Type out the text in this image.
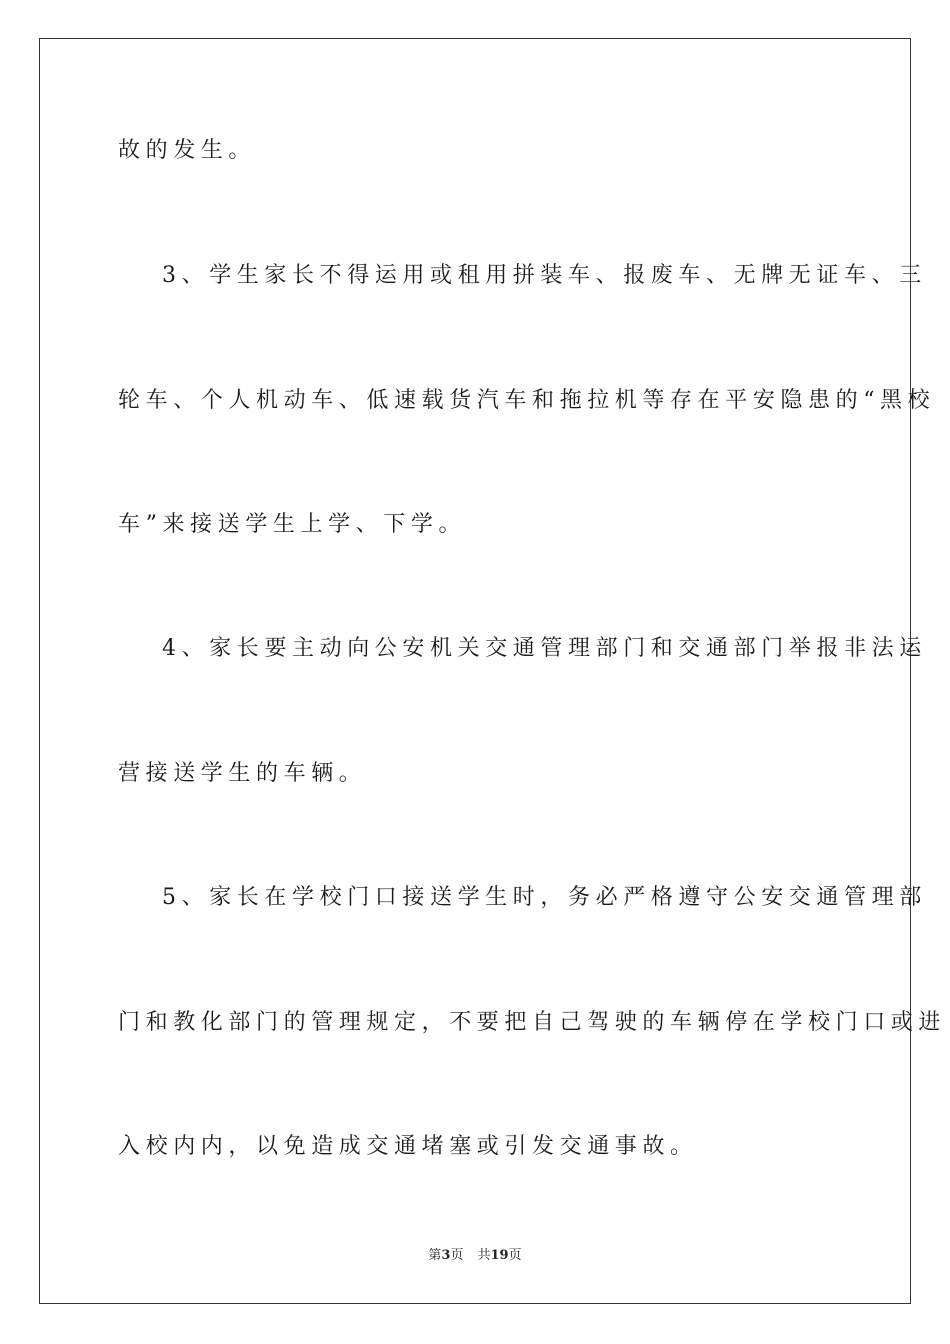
故的发生。
3、学生家长不得运用或租用拼装车、报废车、无牌无证车、三
轮车、个人机动车、低速载货汽车和拖拉机等存在平安隐患的“黑校
车”来接送学生上学、下学。
4、家长要主动向公安机关交通管理部门和交通部门举报非法运
营接送学生的车辆。
5、家长在学校门口接送学生时，务必严格遵守公安交通管理部
门和教化部门的管理规定，不要把自己驾驶的车辆停在学校门口或进
入校内内，以免造成交通堵塞或引发交通事故。
第3页 共19页
